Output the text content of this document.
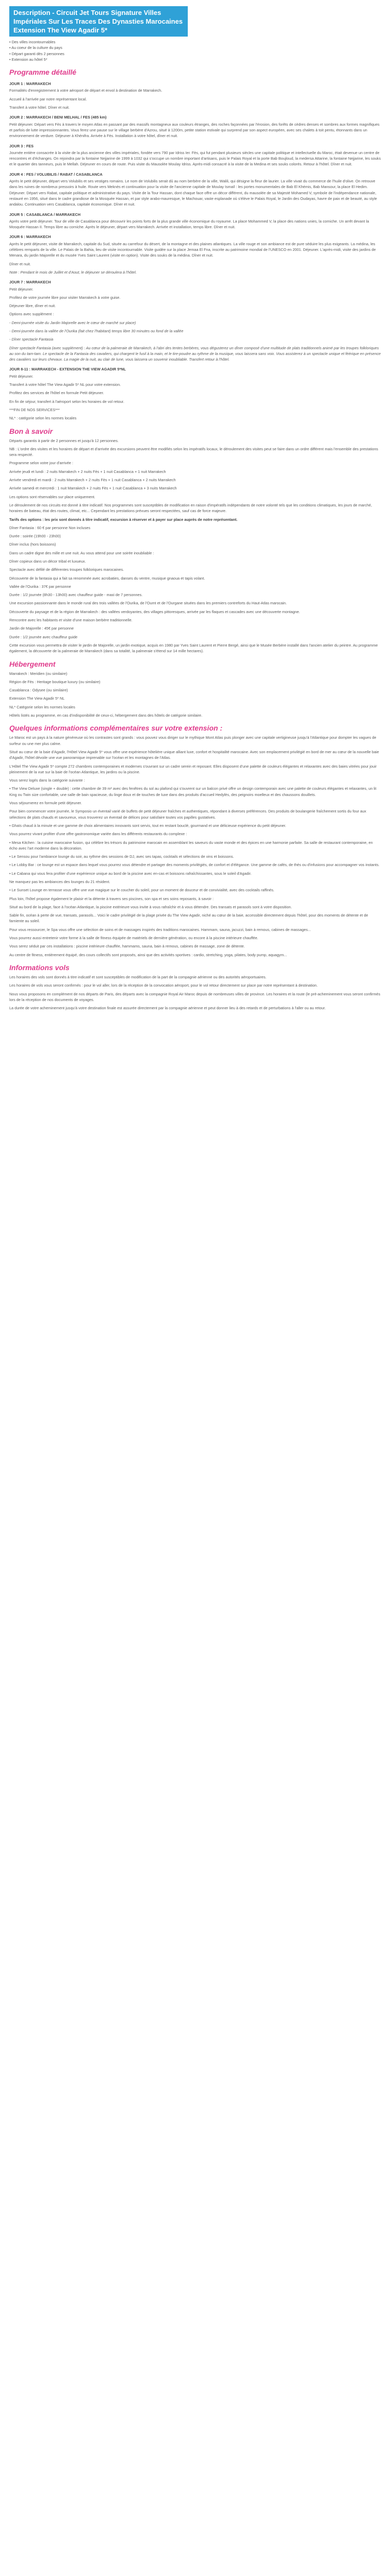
Description - Circuit Jet Tours Signature Villes Impériales Sur Les Traces Des Dynasties Marocaines Extension The View Agadir 5*

• Des villes incontournables

• Au coeur de la culture du pays

• Départ garanti dès 2 personnes

• Extension au hôtel 5*

Programme détaillé

JOUR 1 : MARRAKECH

Formalités d'enregistrement à votre aéroport de départ et envol à destination de Marrakech.

Accueil à l'arrivée par notre représentant local.

Transfert à votre hôtel. Dîner et nuit.

JOUR 2 : MARRAKECH / BENI MELHAL / FES (485 km)

Petit déjeuner. Départ vers Fès à travers le moyen Atlas en passant par des massifs montagneux aux couleurs étranges, des roches façonnées par l'érosion, des forêts de cèdres denses et sombres aux formes magnifiques et parfois de lutte impressionnantes. Vous ferez une pause sur le village berbère d'Azrou, situé à 1200m, petite station estivale qui surprend par son aspect européen, avec ses chalets à toit pentu, étonnants dans un environnement de verdure. Déjeuner à Khénifra. Arrivée à Fès. Installation à votre hôtel, dîner et nuit.

JOUR 3 : FES

Journée entière consacrée à la visite de la plus ancienne des villes impériales, fondée vers 790 par Idriss Ier. Fès, qui fut pendant plusieurs siècles une capitale politique et intellectuelle du Maroc, était devenue un centre de rencontres et d'échanges. On rejoindra par la fontaine Nejjarine de 1999 à 1032 qui s'occupe un nombre important d'artisans, puis le Palais Royal et la porte Bab Boujloud, la medersa Attarine, la fontaine Nejjarine, les souks et le quartier des tanneurs, puis le Mellah. Déjeuner en cours de route. Puis visite du Mausolée Moulay Idriss. Après-midi consacré à la visite de la Medina et ses souks colorés. Retour à l'hôtel. Dîner et nuit.

JOUR 4 : FES / VOLUBILIS / RABAT / CASABLANCA

Après le petit déjeuner, départ vers Volubilis et ses vestiges romains. Le nom de Volubilis serait dû au nom berbère de la ville, Walili, qui désigne la fleur de laurier. La ville vivait du commerce de l'huile d'olive. On retrouve dans les ruines de nombreux pressoirs à huile. Route vers Meknès et continuation pour la visite de l'ancienne capitale de Moulay Ismaïl : les portes monumentales de Bab El Khémis, Bab Mansour, la place El Hedim. Déjeuner. Départ vers Rabat, capitale politique et administrative du pays. Visite de la Tour Hassan, dont chaque face offre un décor différent, du mausolée de sa Majesté Mohamed V, symbole de l'indépendance nationale, restauré en 1956, situé dans le cadre grandiose de la Mosquée Hassan, et par style arabo-mauresque, le Machouar, vaste esplanade où s'élève le Palais Royal, le Jardin des Oudayas, havre de paix et de beauté, au style andalou. Continuation vers Casablanca, capitale économique. Dîner et nuit.

JOUR 5 : CASABLANCA / MARRAKECH

Après votre petit déjeuner. Tour de ville de Casablanca pour découvrir les points forts de la plus grande ville économique du royaume. La place Mohammed V, la place des nations unies, la corniche. Un arrêt devant la Mosquée Hassan II. Temps libre au corniche. Après le déjeuner, départ vers Marrakech. Arrivée et installation, temps libre. Dîner et nuit.

JOUR 6 : MARRAKECH

Après le petit déjeuner, visite de Marrakech, capitale du Sud, située au carrefour du désert, de la montagne et des plaines atlantiques. La ville rouge et son ambiance est de pure séduire les plus exigeants. La médina, les célèbres remparts de la ville. Le Palais de la Bahia, lieu de visite incontournable. Visite guidée sur la place Jemaa El Fna, inscrite au patrimoine mondial de l'UNESCO en 2001. Déjeuner. L'après-midi, visite des jardins de Menara, du jardin Majorelle et du musée Yves Saint Laurent (visite en option). Visite des souks de la médina. Dîner et nuit.

Dîner et nuit.

Note : Pendant le mois de Juillet et d'Aout, le déjeuner se déroulera à l'hôtel.

JOUR 7 : MARRAKECH

Petit déjeuner.

Profitez de votre journée libre pour visiter Marrakech à votre guise.

Déjeuner libre, dîner et nuit.

Options avec supplément :

- Demi-journée visite du Jardin Majorelle avec le cœur de marché sur place)

- Demi-journée dans la vallée de l'Ourika (fait chez l'habitant) temps libre 30 minutes ou fond de la vallée

- Dîner spectacle Fantasia

Dîner spectacle Fantasia (avec supplément) : Au cœur de la palmeraie de Marrakech, à l'abri des tentes berbères, vous dégusterez un dîner composé d'une multitude de plats traditionnels animé par les troupes folkloriques au son du tam-tam. Le spectacle de la Fantasia des cavaliers, qui chargent le fusil à la main, et le tire-poudre au rythme de la musique, vous laissera sans voix. Vous assisterez à un spectacle unique et féérique en présence des cavaliers sur leurs chevaux. La magie de la nuit, au clair de lune, vous laissera un souvenir inoubliable. Transfert retour à l'hôtel.

JOUR 8-11 : MARRAKECH - EXTENSION THE VIEW AGADIR 5*NL

Petit déjeuner.

Transfert à votre hôtel The View Agadir 5* NL pour votre extension.

Profitez des services de l'hôtel en formule Petit déjeuner.

En fin de séjour, transfert à l'aéroport selon les horaires de vol retour.

***FIN DE NOS SERVICES***

NL* : catégorie selon les normes locales

Bon à savoir

Départs garantis à partir de 2 personnes et jusqu'à 12 personnes.

NB : L'ordre des visites et les horaires de départ et d'arrivée des excursions peuvent être modifiés selon les impératifs locaux, le déroulement des visites peut se faire dans un ordre différent mais l'ensemble des prestations sera respecté.

Programme selon votre jour d'arrivée :

Arrivée jeudi et lundi : 2 nuits Marrakech + 2 nuits Fès + 1 nuit Casablanca + 1 nuit Marrakech

Arrivée vendredi et mardi : 2 nuits Marrakech + 2 nuits Fès + 1 nuit Casablanca + 2 nuits Marrakech

Arrivée samedi et mercredi : 1 nuit Marrakech + 2 nuits Fès + 1 nuit Casablanca + 3 nuits Marrakech

Les options sont réservables sur place uniquement.

Le déroulement de nos circuits est donné à titre indicatif. Nos programmes sont susceptibles de modification en raison d'impératifs indépendants de notre volonté tels que les conditions climatiques, les jours de marché, horaires de bateau, état des routes, climat, etc... Cependant les prestations prévues seront respectées, sauf cas de force majeure.

Tarifs des options : les prix sont donnés à titre indicatif, excursion à réserver et à payer sur place auprès de notre représentant.

Dîner Fantasia : 60 € par personne Non incluses

Durée : soirée (19h00 - 23h00)

Dîner inclus (hors boissons)

Dans un cadre digne des mille et une nuit. Au vous attend pour une soirée inoubliable :

Dîner copieux dans un décor tribal et luxueux.

Spectacle avec défilé de différentes troupes folkloriques marocaines.

Découverte de la fantasia qui a fait sa renommée avec acrobaties, danses du ventre, musique gnaoua et tapis volant.

Vallée de l'Ourika : 37€ par personne

Durée : 1/2 journée (8h30 - 13h00) avec chauffeur guide - maxi de 7 personnes.

Une excursion passionnante dans le monde rural des trois vallées de l'Ourika, de l'Oumt et de l'Ourgane situées dans les premiers contreforts du Haut-Atlas marocain.

Découverte du paysage et de la région de Marrakech : des vallées verdoyantes, des villages pittoresques, arrivée par les flaques et cascades avec une découverte montagne.

Rencontre avec les habitants et visite d'une maison berbère traditionnelle.

Jardin de Majorelle : 45€ par personne

Durée : 1/2 journée avec chauffeur guide

Cette excursion vous permettra de visiter le jardin de Majorelle, un jardin exotique, acquis en 1980 par Yves Saint Laurent et Pierre Bergé, ainsi que le Musée Berbère installé dans l'ancien atelier du peintre. Au programme également, la découverte de la palmeraie de Marrakech (dans sa totalité, la palmeraie s'étend sur 14 mille hectares).

Hébergement

Marrakech : Meridien (ou similaire)

Région de Fès : Heritage boutique luxury (ou similaire)

Casablanca : Odysee (ou similaire)

Extension The View Agadir 5* NL

NL* Catégorie selon les normes locales

Hôtels listés au programme, en cas d'indisponibilité de ceux-ci, hébergement dans des hôtels de catégorie similaire.

Quelques informations complémentaires sur votre extension :

Le Maroc est un pays à la nature généreuse où les contrastes sont grands : vous pouvez vous diriger sur le mythique Mont Atlas puis plonger avec une capitale vertigineuse jusqu'à l'Atlantique pour dompter les vagues de surfeur ou une mer plus calme.

Situé au cœur de la baie d'Agadir, l'Hôtel View Agadir 5* vous offre une expérience hôtelière unique alliant luxe, confort et hospitalité marocaine. Avec son emplacement privilégié en bord de mer au cœur de la nouvelle baie d'Agadir, l'hôtel dévoile une vue panoramique imprenable sur l'océan et les montagnes de l'Atlas.

L'Hôtel The View Agadir 5* compte 272 chambres contemporaines et modernes s'ouvrant sur un cadre serein et reposant. Elles disposent d'une palette de couleurs élégantes et relaxantes avec des baies vitrées pour jouir pleinement de la vue sur la baie de l'océan Atlantique, les jardins ou la piscine.

Vous serez logés dans la catégorie suivante :

• The View Deluxe (single + double) : cette chambre de 39 m² avec des fenêtres du sol au plafond qui s'ouvrent sur un balcon privé offre un design contemporain avec une palette de couleurs élégantes et relaxantes, un lit King ou Twin size confortable, une salle de bain spacieuse, du linge doux et de touches de luxe dans des produits d'accueil Hedylès, des peignoirs moelleux et des chaussons douillets.

Vous séjournerez en formule petit déjeuner.

Pour bien commencer votre journée, le Symposio un éventail varié de buffets de petit déjeuner fraîches et authentiques, répondant à diverses préférences. Des produits de boulangerie fraîchement sortis du four aux sélections de plats chauds et savoureux, vous trouverez un éventail de délices pour satisfaire toutes vos papilles gustatives.

• Ghaïs chaud à la minute et une gamme de choix alimentaires innovants sont servis, tout en restant bouclé, gourmand et une délicieuse expérience du petit déjeuner.

Vous pourrez vivant profiter d'une offre gastronomique variée dans les différents restaurants du complexe :

• Mesa Kitchen : la cuisine marocaine fusion, qui célèbre les trésors du patrimoine marocain en assemblant les saveurs du vaste monde et des épices en une harmonie parfaite. Sa salle de restaurant contemporaine, en écho avec l'art moderne dans la décoration.

• Le Sensou pour l'ambiance lounge du soir, au rythme des sessions de DJ, avec ses tapas, cocktails et sélections de vins et boissons.

• Le Lobby Bar : ce lounge est un espace dans lequel vous pourrez vous détendre et partager des moments privilégiés, de confort et d'élégance. Une gamme de cafés, de thés ou d'infusions pour accompagner vos instants.

• Le Cabana qui vous fera profiter d'une expérience unique au bord de la piscine avec en-cas et boissons rafraîchissantes, sous le soleil d'Agadir.

Ne manquez pas les ambiances des lounges du 21 résident.

• Le Sunset Lounge en terrasse vous offre une vue magique sur le coucher du soleil, pour un moment de douceur et de convivialité, avec des cocktails raffinés.

Plus loin, l'hôtel propose également le plaisir et la détente à travers ses piscines, son spa et ses soins reposants, à savoir :

Situé au bord de la plage, face à l'océan Atlantique, la piscine extérieure vous invite à vous rafraîchir et à vous détendre. Des transats et parasols sont à votre disposition.

Sable fin, océan à perte de vue, transats, parasols... Voici le cadre privilégié de la plage privée du The View Agadir, niché au cœur de la baie, accessible directement depuis l'hôtel, pour des moments de détente et de farniente au soleil.

Pour vous ressourcer, le Spa vous offre une sélection de soins et de massages inspirés des traditions marocaines. Hammam, sauna, jacuzzi, bain à remous, cabines de massages...

Vous pourrez aussi entretenir votre forme à la salle de fitness équipée de matériels de dernière génération, ou encore à la piscine intérieure chauffée.

Vous serez séduit par ces installations : piscine intérieure chauffée, hammams, sauna, bain à remous, cabines de massage, zone de détente.

Au centre de fitness, entièrement équipé, des cours collectifs sont proposés, ainsi que des activités sportives : cardio, stretching, yoga, pilates, body pump, aquagym...

Informations vols

Les horaires des vols sont donnés à titre indicatif et sont susceptibles de modification de la part de la compagnie aérienne ou des autorités aéroportuaires.

Les horaires de vols vous seront confirmés : pour le vol aller, lors de la réception de la convocation aéroport, pour le vol retour directement sur place par notre représentant à destination.

Nous vous proposons en complément de nos départs de Paris, des départs avec la compagnie Royal Air Maroc depuis de nombreuses villes de province. Les horaires et la route (le pré-acheminement vous seront confirmés lors de la réception de nos documents de voyages.

La durée de votre acheminement jusqu'à votre destination finale est assurée directement par la compagnie aérienne et peut donner lieu à des retards et de perturbations à l'aller ou au retour.
